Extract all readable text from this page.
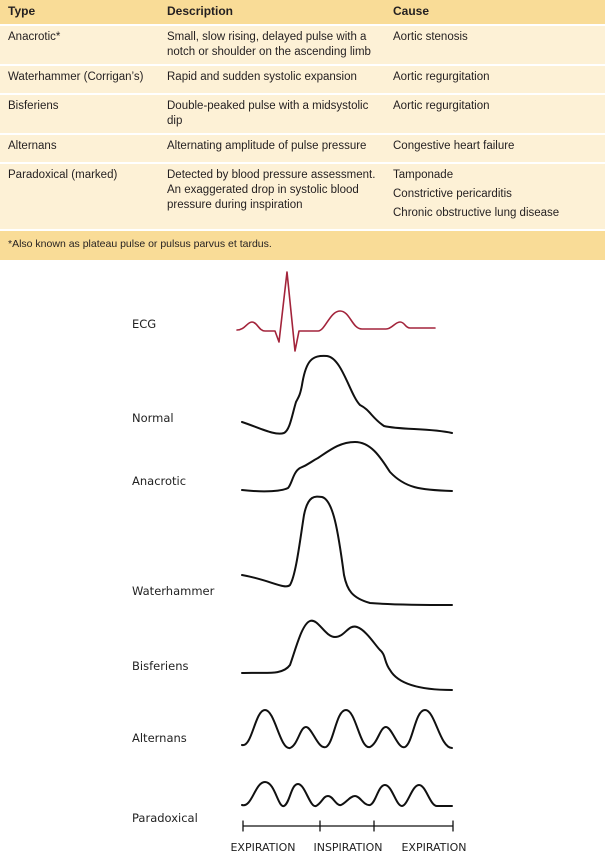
Type	Description	Cause
Anacrotic*	Small, slow rising, delayed pulse with a notch or shoulder on the ascending limb	Aortic stenosis

Waterhammer (Corrigan’s)	Rapid and sudden systolic expansion	Aortic regurgitation

Bisferiens	Double-peaked pulse with a midsystolic dip	Aortic regurgitation

Alternans	Alternating amplitude of pulse pressure	Congestive heart failure

Paradoxical (marked)	Detected by blood pressure assessment. An exaggerated drop in systolic blood pressure during inspiration	Tamponade
Constrictive pericarditis
Chronic obstructive lung disease

*Also known as plateau pulse or pulsus parvus et tardus.		
ECG
Normal
Anacrotic
Waterhammer
Bisferiens
Alternans
Paradoxical
EXPIRATION INSPIRATION EXPIRATION
